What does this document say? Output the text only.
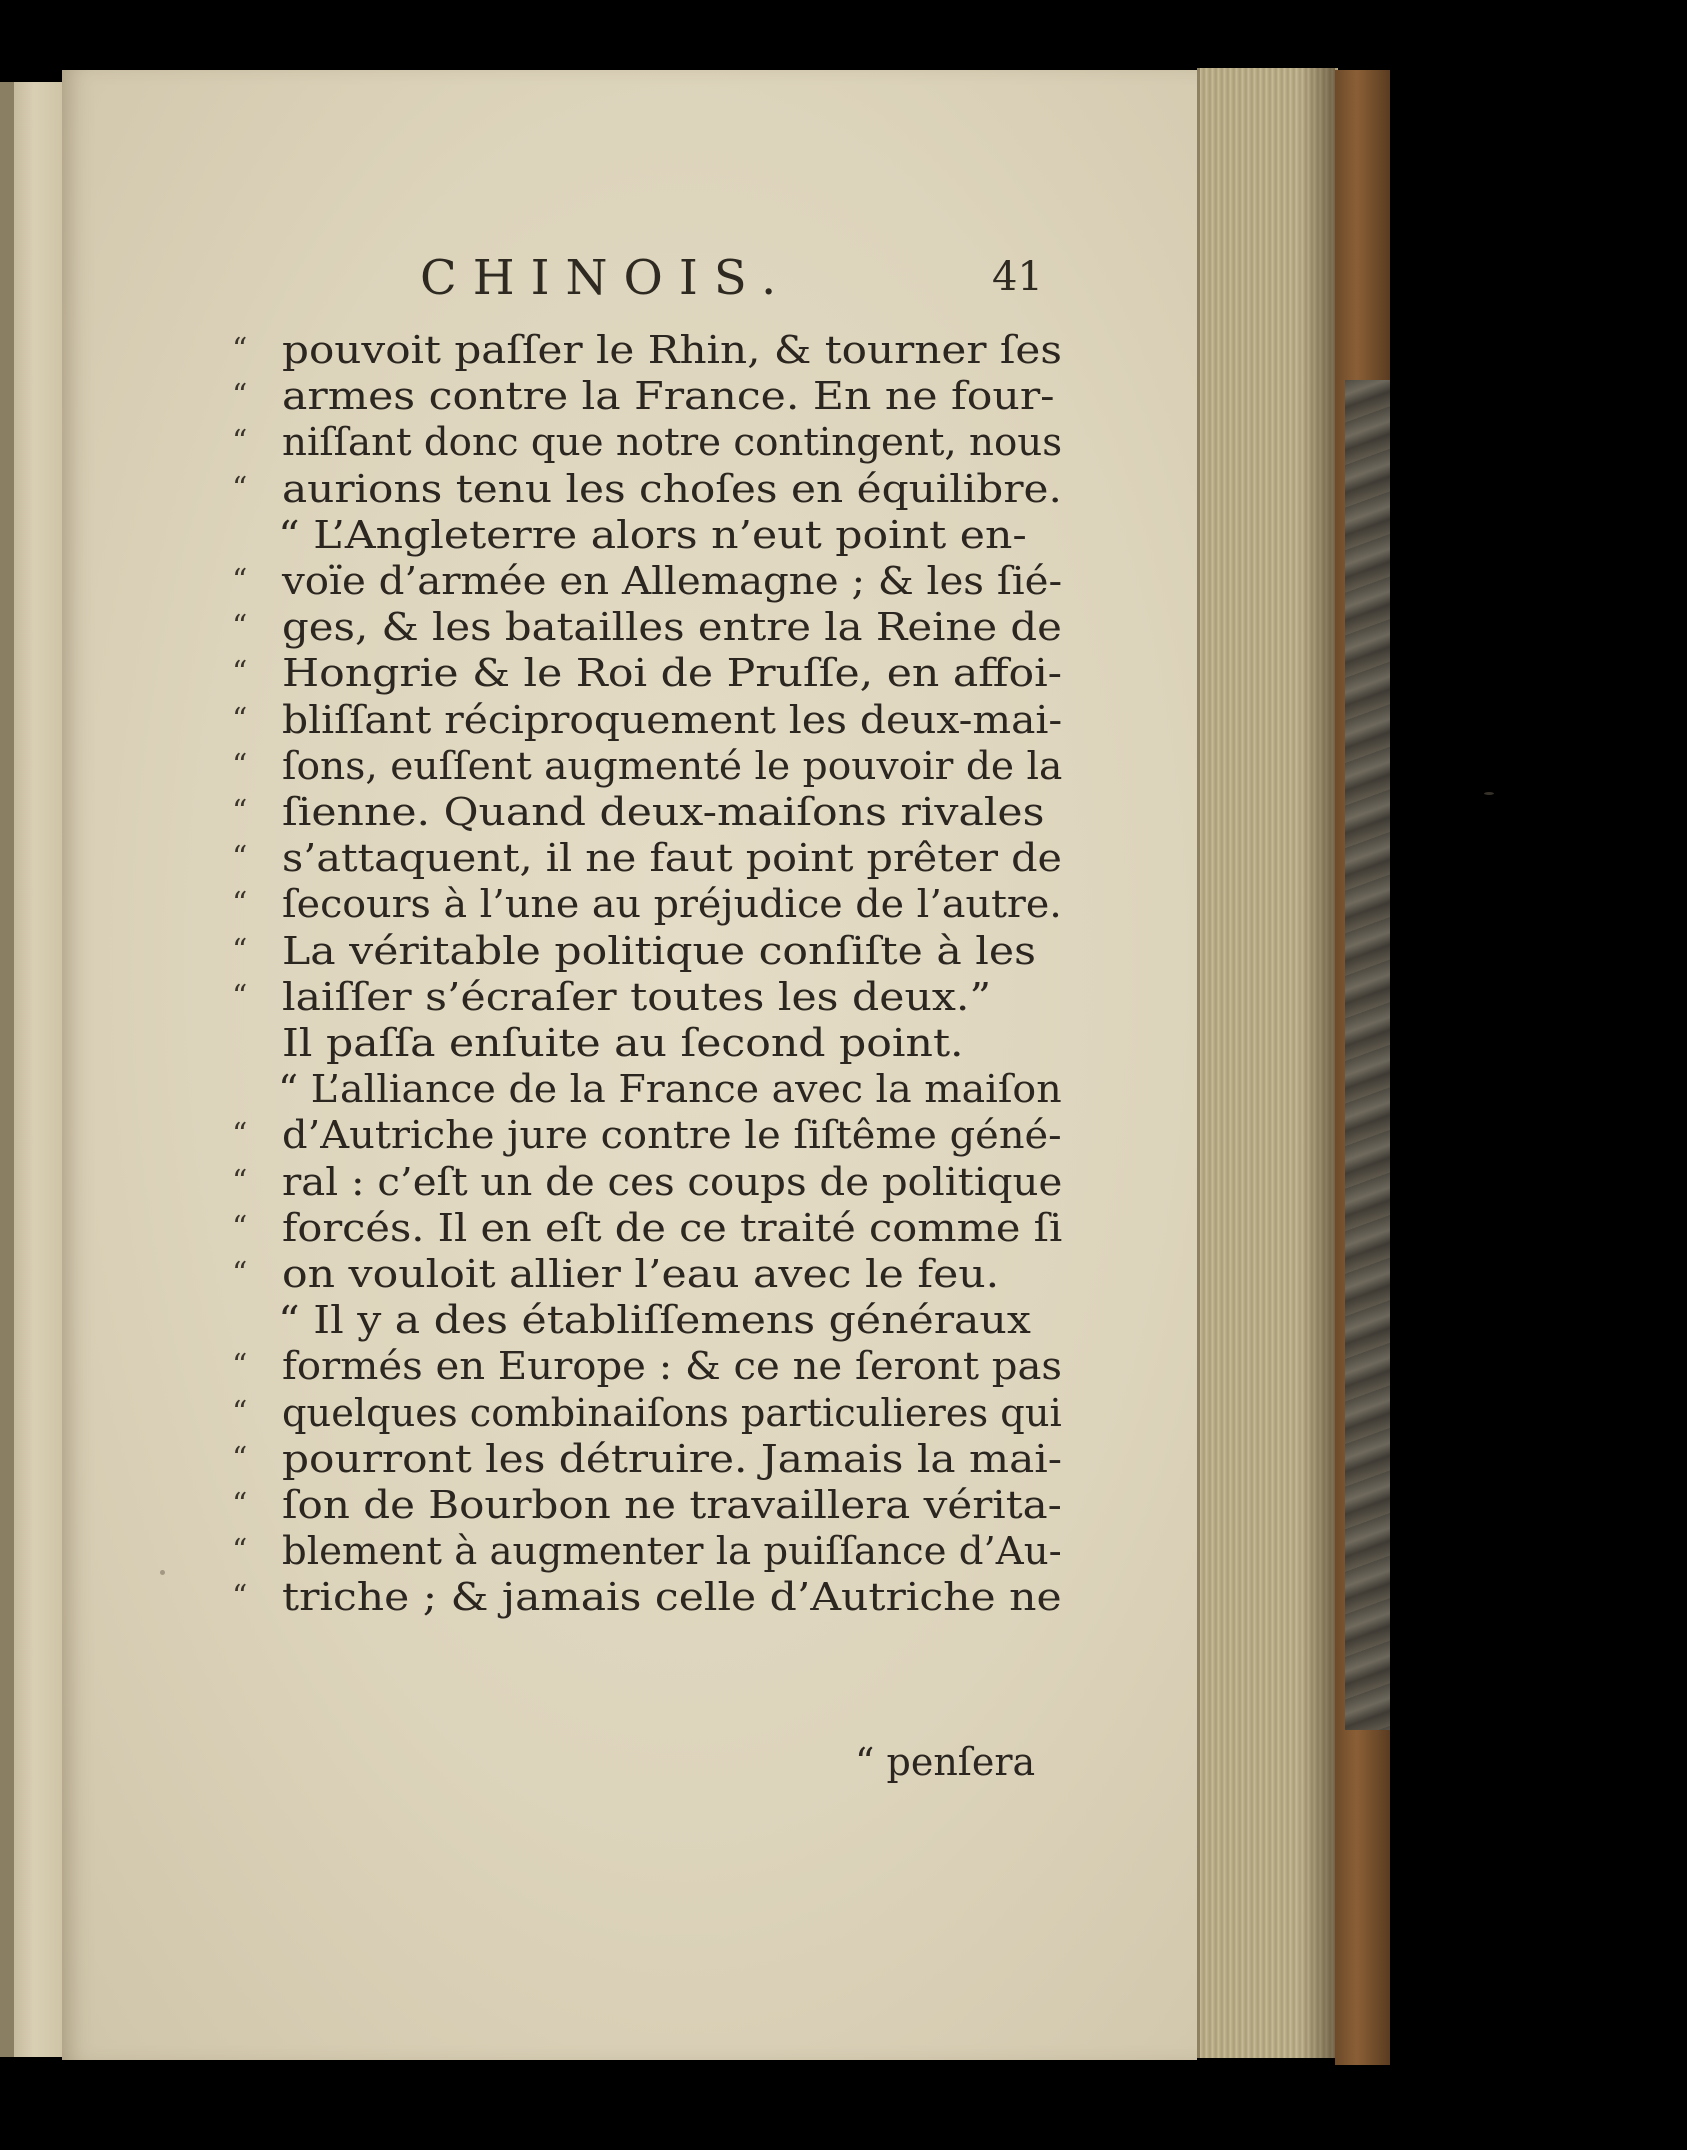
CHINOIS.	41
“ pouvoit paſſer le Rhin, & tourner ſes
“ armes contre la France. En ne four-
“ niſſant donc que notre contingent, nous
“ aurions tenu les choſes en équilibre.
“ L’Angleterre alors n’eut point en-
“ voïe d’armée en Allemagne ; & les ſié-
“ ges, & les batailles entre la Reine de
“ Hongrie & le Roi de Pruſſe, en affoi-
“ bliſſant réciproquement les deux-mai-
“ ſons, euſſent augmenté le pouvoir de la
“ ſienne. Quand deux-maiſons rivales
“ s’attaquent, il ne faut point prêter de
“ ſecours à l’une au préjudice de l’autre.
“ La véritable politique conſiſte à les
“ laiſſer s’écraſer toutes les deux.”
Il paſſa enſuite au ſecond point.
“ L’alliance de la France avec la maiſon
“ d’Autriche jure contre le ſiſtême géné-
“ ral : c’eſt un de ces coups de politique
“ forcés. Il en eſt de ce traité comme ſi
“ on vouloit allier l’eau avec le feu.
“ Il y a des établiſſemens généraux
“ formés en Europe : & ce ne ſeront pas
“ quelques combinaiſons particulieres qui
“ pourront les détruire. Jamais la mai-
“ ſon de Bourbon ne travaillera vérita-
“ blement à augmenter la puiſſance d’Au-
“ triche ; & jamais celle d’Autriche ne
“ penſera
